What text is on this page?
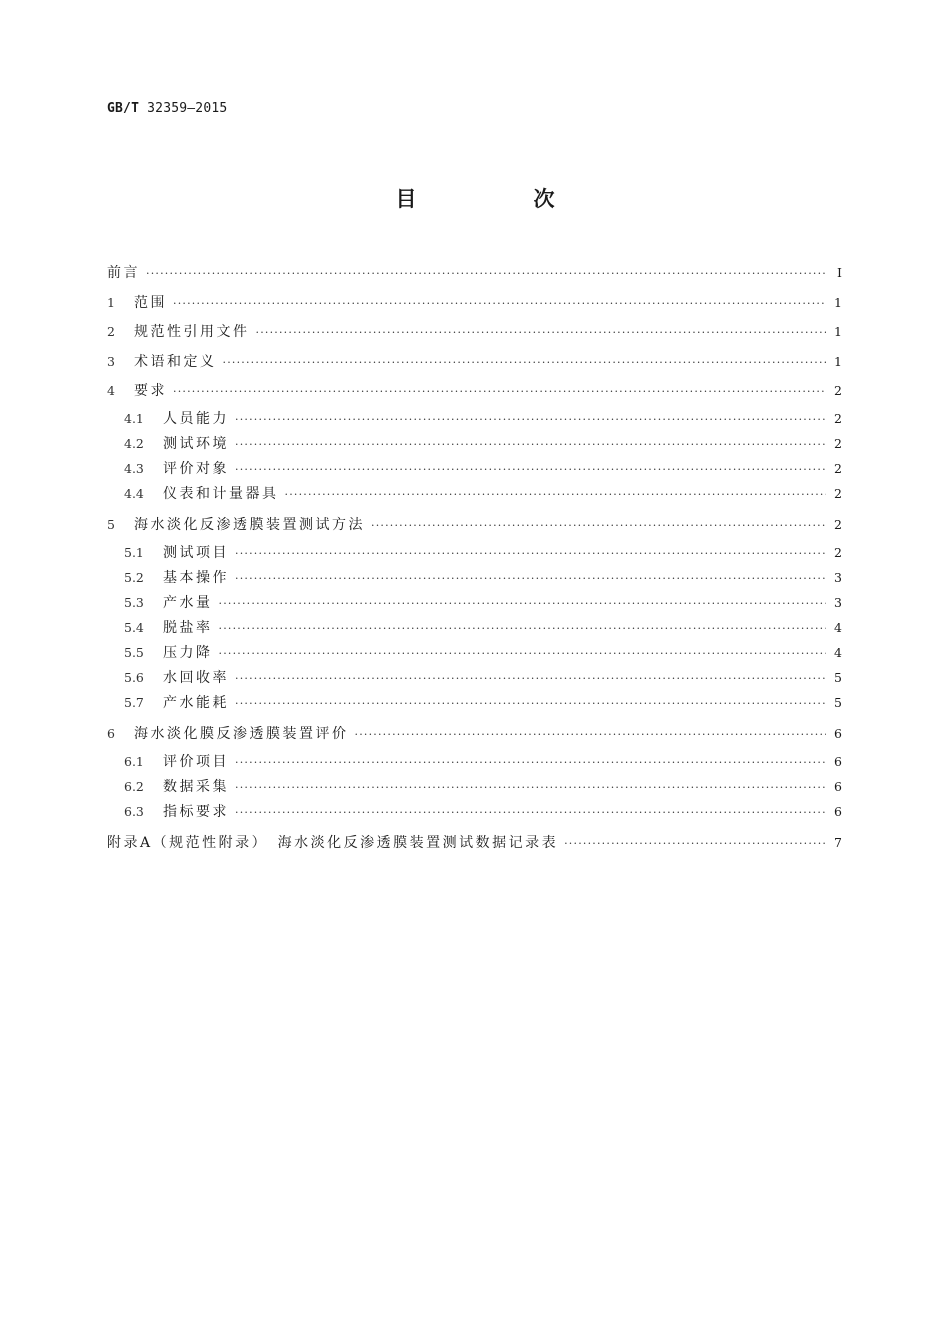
GB/T 32359—2015
目　次
前言 ·····	Ⅰ
1	范围 ·····	1
2	规范性引用文件 ·····	1
3	术语和定义 ·····	1
4	要求 ·····	2
4.1	人员能力 ·····	2
4.2	测试环境 ·····	2
4.3	评价对象 ·····	2
4.4	仪表和计量器具 ·····	2
5	海水淡化反渗透膜装置测试方法 ·····	2
5.1	测试项目 ·····	2
5.2	基本操作 ·····	3
5.3	产水量 ·····	3
5.4	脱盐率 ·····	4
5.5	压力降 ·····	4
5.6	水回收率 ·····	5
5.7	产水能耗 ·····	5
6	海水淡化膜反渗透膜装置评价 ·····	6
6.1	评价项目 ·····	6
6.2	数据采集 ·····	6
6.3	指标要求 ·····	6
附录A（规范性附录）　海水淡化反渗透膜装置测试数据记录表 ·····	7
